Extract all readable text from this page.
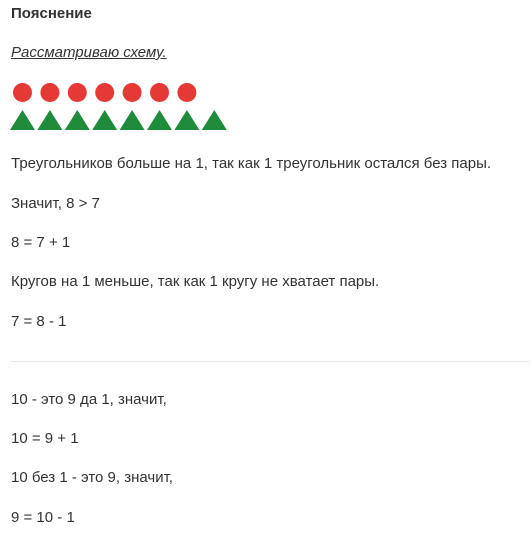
Пояснение
Рассматриваю схему.
Треугольников больше на 1, так как 1 треугольник остался без пары.
Значит, 8 > 7
8 = 7 + 1
Кругов на 1 меньше, так как 1 кругу не хватает пары.
7 = 8 - 1
10 - это 9 да 1, значит,
10 = 9 + 1
10 без 1 - это 9, значит,
9 = 10 - 1
